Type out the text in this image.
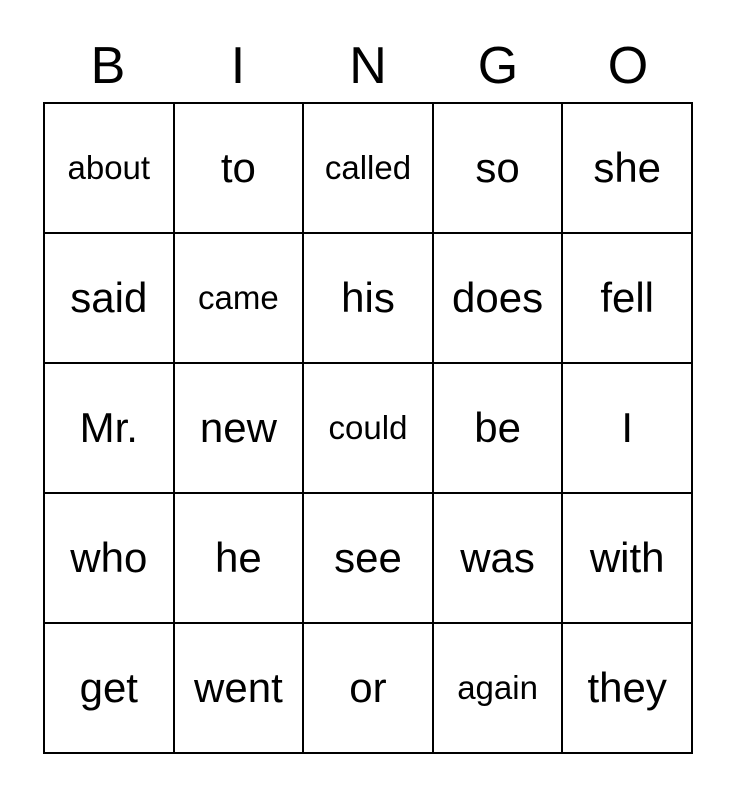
B	I	N	G	O
about to called so she
said came his does fell
Mr. new could be I
who he see was with
get went or again they
